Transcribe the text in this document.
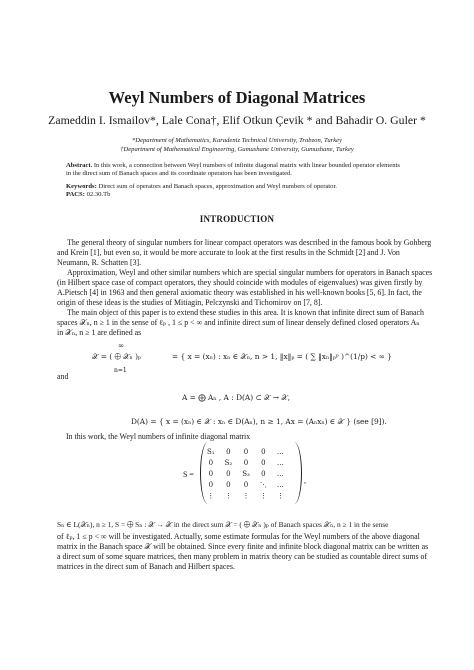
Weyl Numbers of Diagonal Matrices
Zameddin I. Ismailov*, Lale Cona†, Elif Otkun Çevik * and Bahadir O. Guler *
*Department of Mathematics, Karadeniz Technical University, Trabzon, Turkey
†Department of Mathematical Engineering, Gumushane University, Gumushane, Turkey
Abstract. In this work, a connection between Weyl numbers of infinite diagonal matrix with linear bounded operator elements
in the direct sum of Banach spaces and its coordinate operators has been investigated.
Keywords: Direct sum of operators and Banach spaces, approximation and Weyl numbers of operator.
PACS: 02.30.Tb
INTRODUCTION
The general theory of singular numbers for linear compact operators was described in the famous book by Gohberg
and Krein [1], but even so, it would be more accurate to look at the first results in the Schmidt [2] and J. Von
Neumann, R. Schatten [3].
Approximation, Weyl and other similar numbers which are special singular numbers for operators in Banach spaces
(in Hilbert space case of compact operators, they should coincide with modules of eigenvalues) was given firstly by
A.Pietsch [4] in 1963 and then general axiomatic theory was established in his well-known books [5, 6]. In fact, the
origin of these ideas is the studies of Mitiagin, Pelczynski and Tichomirov on [7, 8].
The main object of this paper is to extend these studies in this area. It is known that infinite direct sum of Banach
spaces 𝒳ₙ, n ≥ 1 in the sense of ℓₚ , 1 ≤ p < ∞ and infinite direct sum of linear densely defined closed operators Aₙ
in 𝒳ₙ, n ≥ 1 are defined as
∞
n=1
𝒳 = ( ⨁ 𝒳ₙ )ₚ	= { x = (xₙ) : xₙ ∈ 𝒳ₙ, n > 1, ‖x‖ₚ = ( ∑ ‖xₙ‖ₚᵖ )^(1/p) < ∞ }
and
A = ⨁ Aₙ , A : D(A) ⊂ 𝒳 → 𝒳,
D(A) = { x = (xₙ) ∈ 𝒳 : xₙ ∈ D(Aₙ), n ≥ 1, Ax = (Aₙxₙ) ∈ 𝒳 } (see [9]).
In this work, the Weyl numbers of infinite diagonal matrix
S =
S₁	0	0	0	…
0	S₂	0	0	…
0	0	S₃	0	…
0	0	0	⋱	…
⋮	⋮	⋮	⋮	⋮
,
Sₙ ∈ L(𝒳ₙ), n ≥ 1, S = ⨁ Sₙ : 𝒳 → 𝒳 in the direct sum 𝒳 = ( ⨁ 𝒳ₙ )ₚ of Banach spaces 𝒳ₙ, n ≥ 1 in the sense
of ℓₚ, 1 ≤ p < ∞ will be investigated. Actually, some estimate formulas for the Weyl numbers of the above diagonal
matrix in the Banach space 𝒳 will be obtained. Since every finite and infinite block diagonal matrix can be written as
a direct sum of some square matrices, then many problem in matrix theory can be studied as countable direct sums of
matrices in the direct sum of Banach and Hilbert spaces.
